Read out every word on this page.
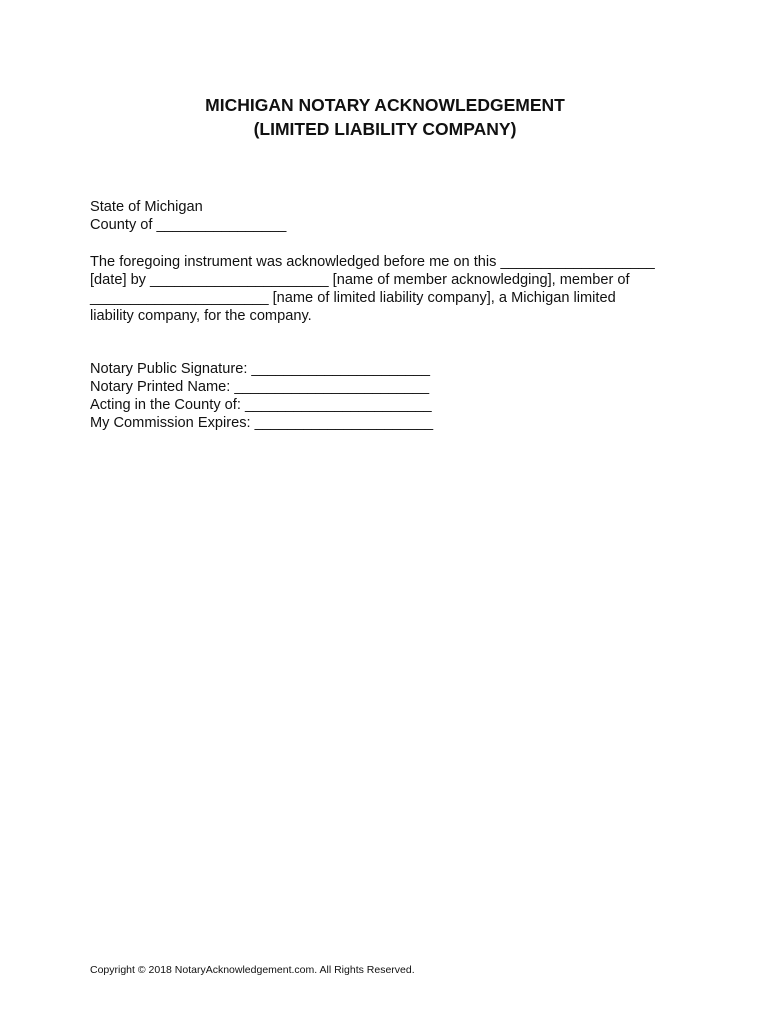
MICHIGAN NOTARY ACKNOWLEDGEMENT
(LIMITED LIABILITY COMPANY)
State of Michigan
County of ________________
The foregoing instrument was acknowledged before me on this ___________________
[date] by ______________________ [name of member acknowledging], member of
______________________ [name of limited liability company], a Michigan limited
liability company, for the company.
Notary Public Signature: ______________________
Notary Printed Name: ________________________
Acting in the County of: _______________________
My Commission Expires: ______________________
Copyright © 2018 NotaryAcknowledgement.com. All Rights Reserved.
